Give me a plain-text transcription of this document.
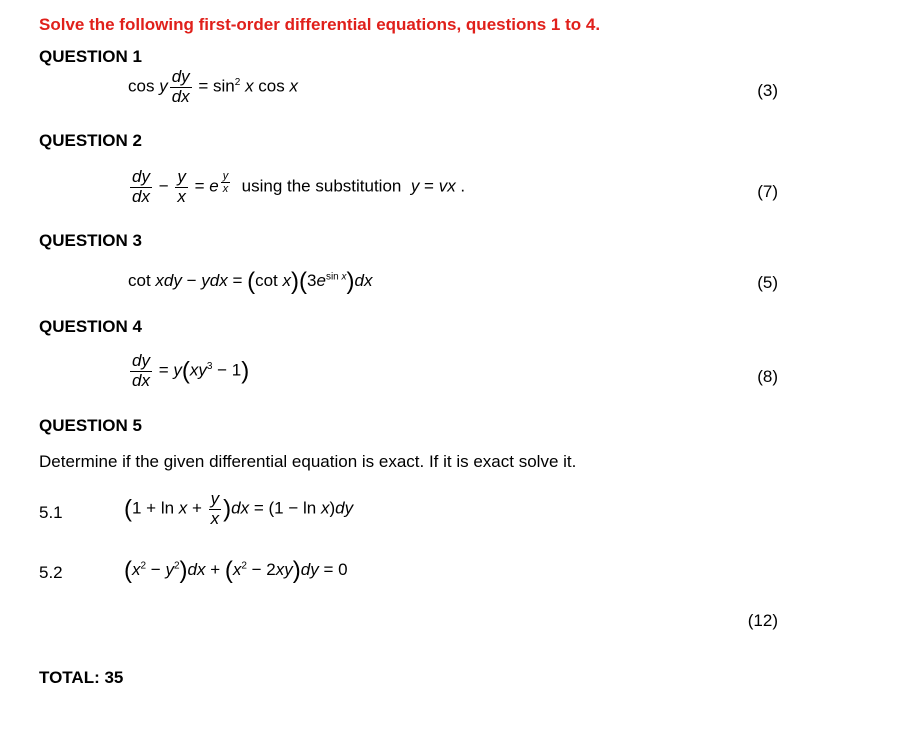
Solve the following first-order differential equations, questions 1 to 4.
QUESTION 1
cos y $\frac{dy}{dx} = \sin^2 x$ cos x	(3)
QUESTION 2
$\frac{dy}{dx} - \frac{y}{x} = e$ $^{\frac{y}{x}}$ using the substitution y = vx .	(7)
QUESTION 3
cot xdy − ydx = (cot $x)(3e^{sin x})dx$	(5)
QUESTION 4
$\frac{dy}{dx} = y(xy^3 - 1)$	(8)
QUESTION 5
Determine if the given differential equation is exact. If it is exact solve it.
5.1	$(1 + \ln x + \frac{y}{x} )dx = (1 - \ln x)dy$
5.2	$(x^2 - y^2)dx + (x^2 - 2xy)dy = 0$
(12)
TOTAL: 35
